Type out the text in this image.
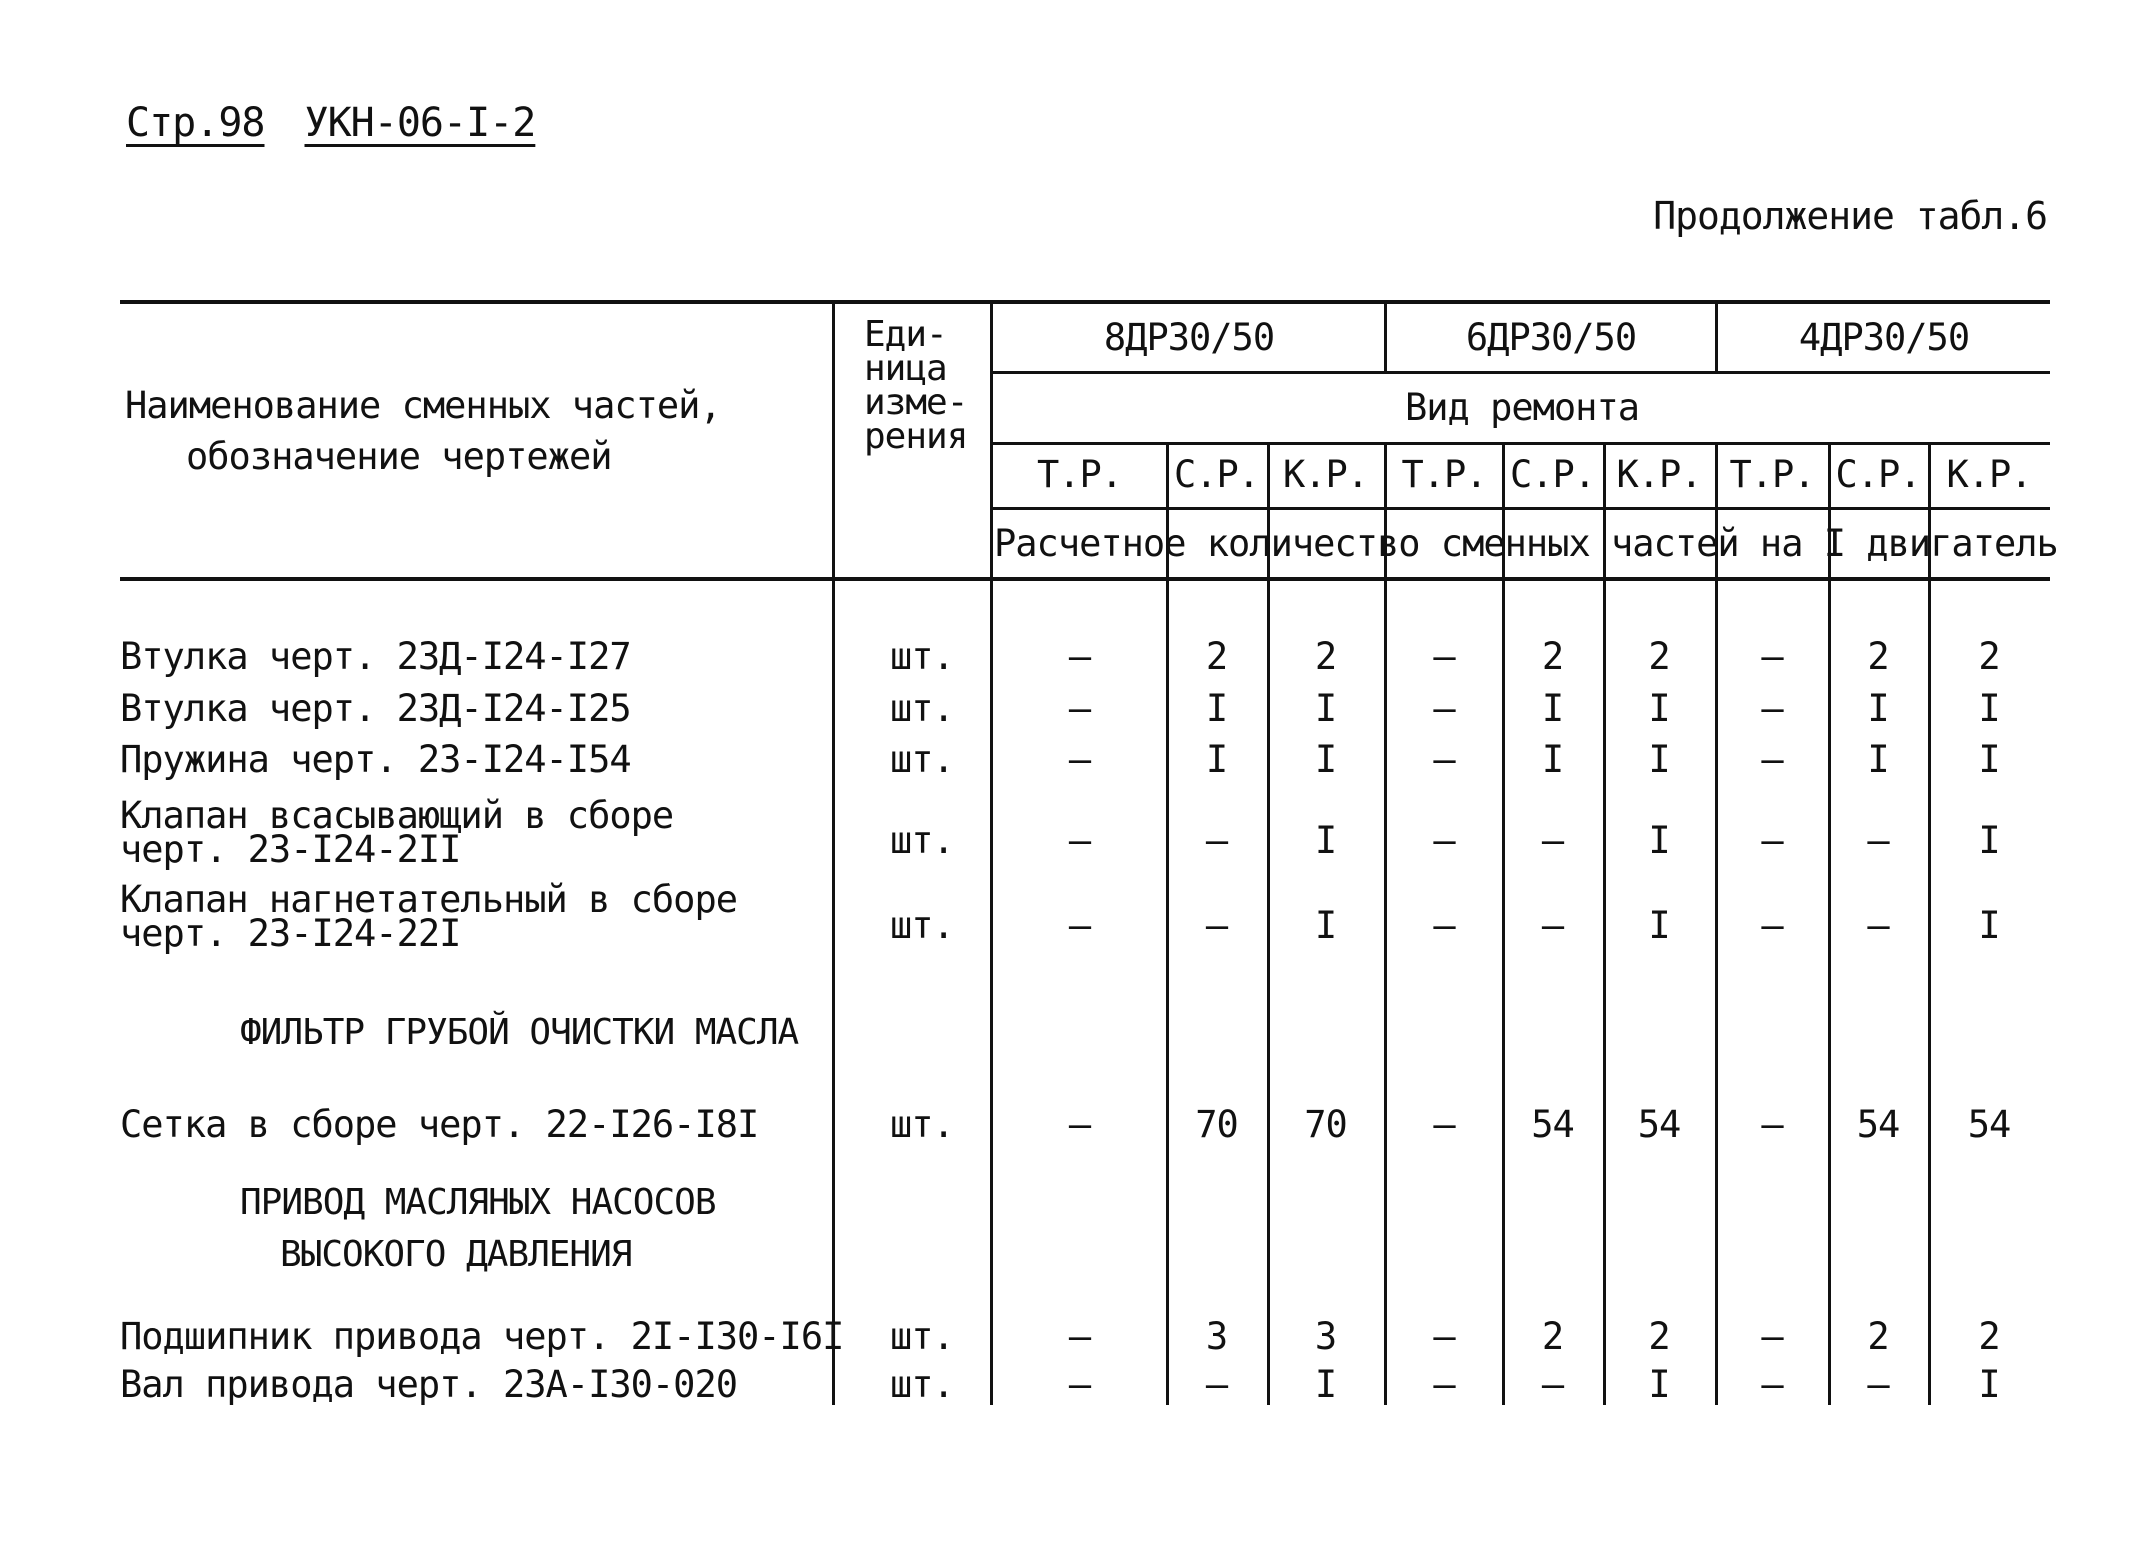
Стр.98 УКН-06-I-2
Продолжение табл.6
Наименование сменных частей,
обозначение чертежей
Еди-
ница
изме-
рения
8ДР30/50	6ДР30/50	4ДР30/50
Вид ремонта
Т.Р.	С.Р. К.Р. Т.Р. С.Р. К.Р. Т.Р. С.Р. К.Р.
Расчетное количество сменных частей на I двигатель
Втулка черт. 23Д-I24-I27	шт.	–	2	2	–	2	2	–	2	2
Втулка черт. 23Д-I24-I25	шт.	–	I	I	–	I	I	–	I	I
Пружина черт. 23-I24-I54	шт.	–	I	I	–	I	I	–	I	I
Клапан всасывающий в сборе
черт. 23-I24-2II	шт.	–	–	I	–	–	I	–	–	I
Клапан нагнетательный в сборе
черт. 23-I24-22I	шт.	–	–	I	–	–	I	–	–	I
ФИЛЬТР ГРУБОЙ ОЧИСТКИ МАСЛА
Сетка в сборе черт. 22-I26-I8I	шт.	–	70	70	–	54	54	–	54	54
ПРИВОД МАСЛЯНЫХ НАСОСОВ
ВЫСОКОГО ДАВЛЕНИЯ
Подшипник привода черт. 2I-I30-I6I шт.	–	3	3	–	2	2	–	2	2
Вал привода черт. 23А-I30-020	шт.	–	–	I	–	–	I	–	–	I
